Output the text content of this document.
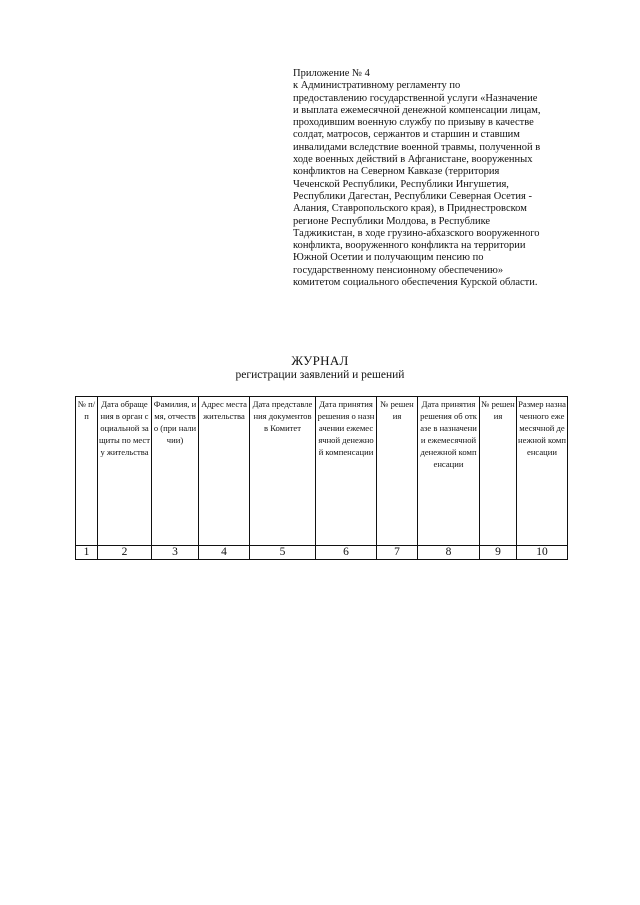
Приложение № 4
к Административному регламенту по
предоставлению государственной услуги «Назначение
и выплата ежемесячной денежной компенсации лицам,
проходившим военную службу по призыву в качестве
солдат, матросов, сержантов и старшин и ставшим
инвалидами вследствие военной травмы, полученной в
ходе военных действий в Афганистане, вооруженных
конфликтов на Северном Кавказе (территория
Чеченской Республики, Республики Ингушетия,
Республики Дагестан, Республики Северная Осетия -
Алания, Ставропольского края), в Приднестровском
регионе Республики Молдова, в Республике
Таджикистан, в ходе грузино-абхазского вооруженного
конфликта, вооруженного конфликта на территории
Южной Осетии и получающим пенсию по
государственному пенсионному обеспечению»
комитетом социального обеспечения Курской области.
ЖУРНАЛ
регистрации заявлений и решений
№ п/п	Дата обращения в орган социальной защиты по месту жительства	Фамилия, имя, отчество (при наличии)	Адрес места жительства	Дата представления документов в Комитет	Дата принятия решения о назначении ежемесячной денежной компенсации	№ решения	Дата принятия решения об отказе в назначении ежемесячной денежной компенсации	№ решения	Размер назначенного ежемесячной денежной компенсации
1	2	3	4	5	6	7	8	9	10
